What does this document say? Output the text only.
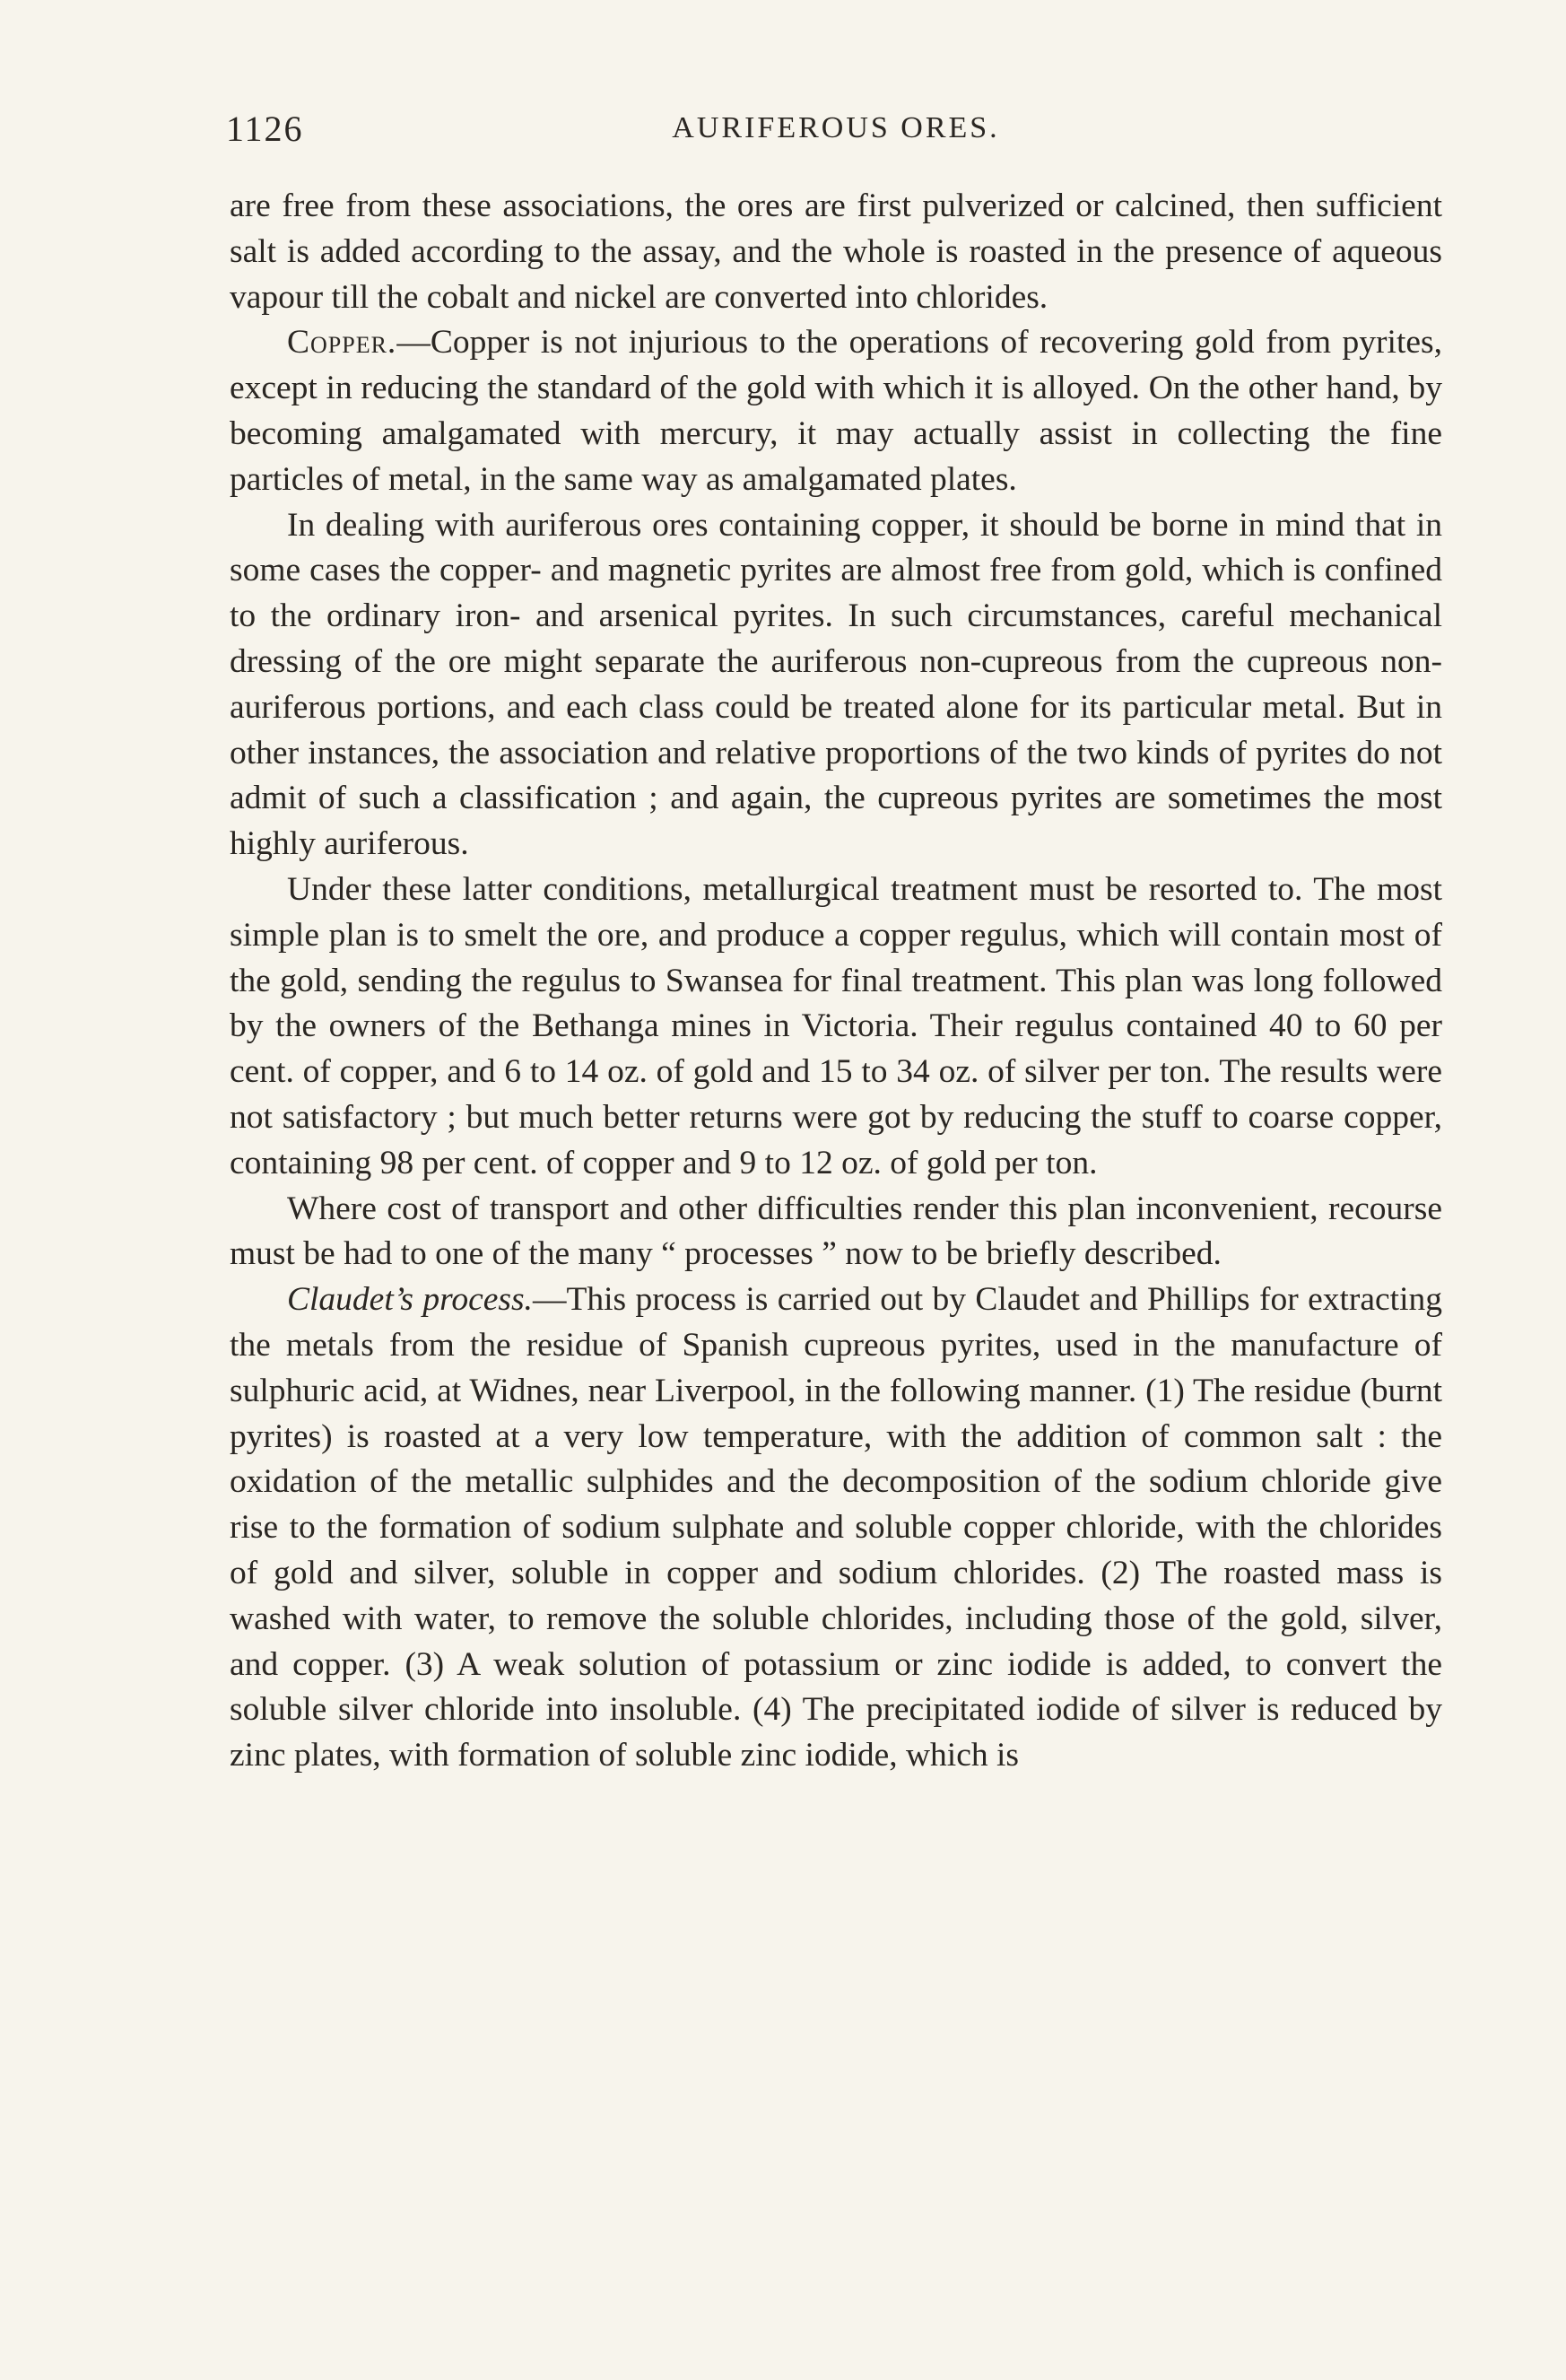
1126	AURIFEROUS ORES.

are free from these associations, the ores are first pulverized or calcined, then sufficient salt is added according to the assay, and the whole is roasted in the presence of aqueous vapour till the cobalt and nickel are converted into chlorides.

Copper.—Copper is not injurious to the operations of recovering gold from pyrites, except in reducing the standard of the gold with which it is alloyed. On the other hand, by becoming amalgamated with mercury, it may actually assist in collecting the fine particles of metal, in the same way as amalgamated plates.

In dealing with auriferous ores containing copper, it should be borne in mind that in some cases the copper- and magnetic pyrites are almost free from gold, which is confined to the ordinary iron- and arsenical pyrites. In such circumstances, careful mechanical dressing of the ore might separate the auriferous non-cupreous from the cupreous non-auriferous portions, and each class could be treated alone for its particular metal. But in other instances, the association and relative proportions of the two kinds of pyrites do not admit of such a classification ; and again, the cupreous pyrites are sometimes the most highly auriferous.

Under these latter conditions, metallurgical treatment must be resorted to. The most simple plan is to smelt the ore, and produce a copper regulus, which will contain most of the gold, sending the regulus to Swansea for final treatment. This plan was long followed by the owners of the Bethanga mines in Victoria. Their regulus contained 40 to 60 per cent. of copper, and 6 to 14 oz. of gold and 15 to 34 oz. of silver per ton. The results were not satisfactory ; but much better returns were got by reducing the stuff to coarse copper, containing 98 per cent. of copper and 9 to 12 oz. of gold per ton.

Where cost of transport and other difficulties render this plan inconvenient, recourse must be had to one of the many “ processes ” now to be briefly described.

Claudet’s process.—This process is carried out by Claudet and Phillips for extracting the metals from the residue of Spanish cupreous pyrites, used in the manufacture of sulphuric acid, at Widnes, near Liverpool, in the following manner. (1) The residue (burnt pyrites) is roasted at a very low temperature, with the addition of common salt : the oxidation of the metallic sulphides and the decomposition of the sodium chloride give rise to the formation of sodium sulphate and soluble copper chloride, with the chlorides of gold and silver, soluble in copper and sodium chlorides. (2) The roasted mass is washed with water, to remove the soluble chlorides, including those of the gold, silver, and copper. (3) A weak solution of potassium or zinc iodide is added, to convert the soluble silver chloride into insoluble. (4) The precipitated iodide of silver is reduced by zinc plates, with formation of soluble zinc iodide, which is
